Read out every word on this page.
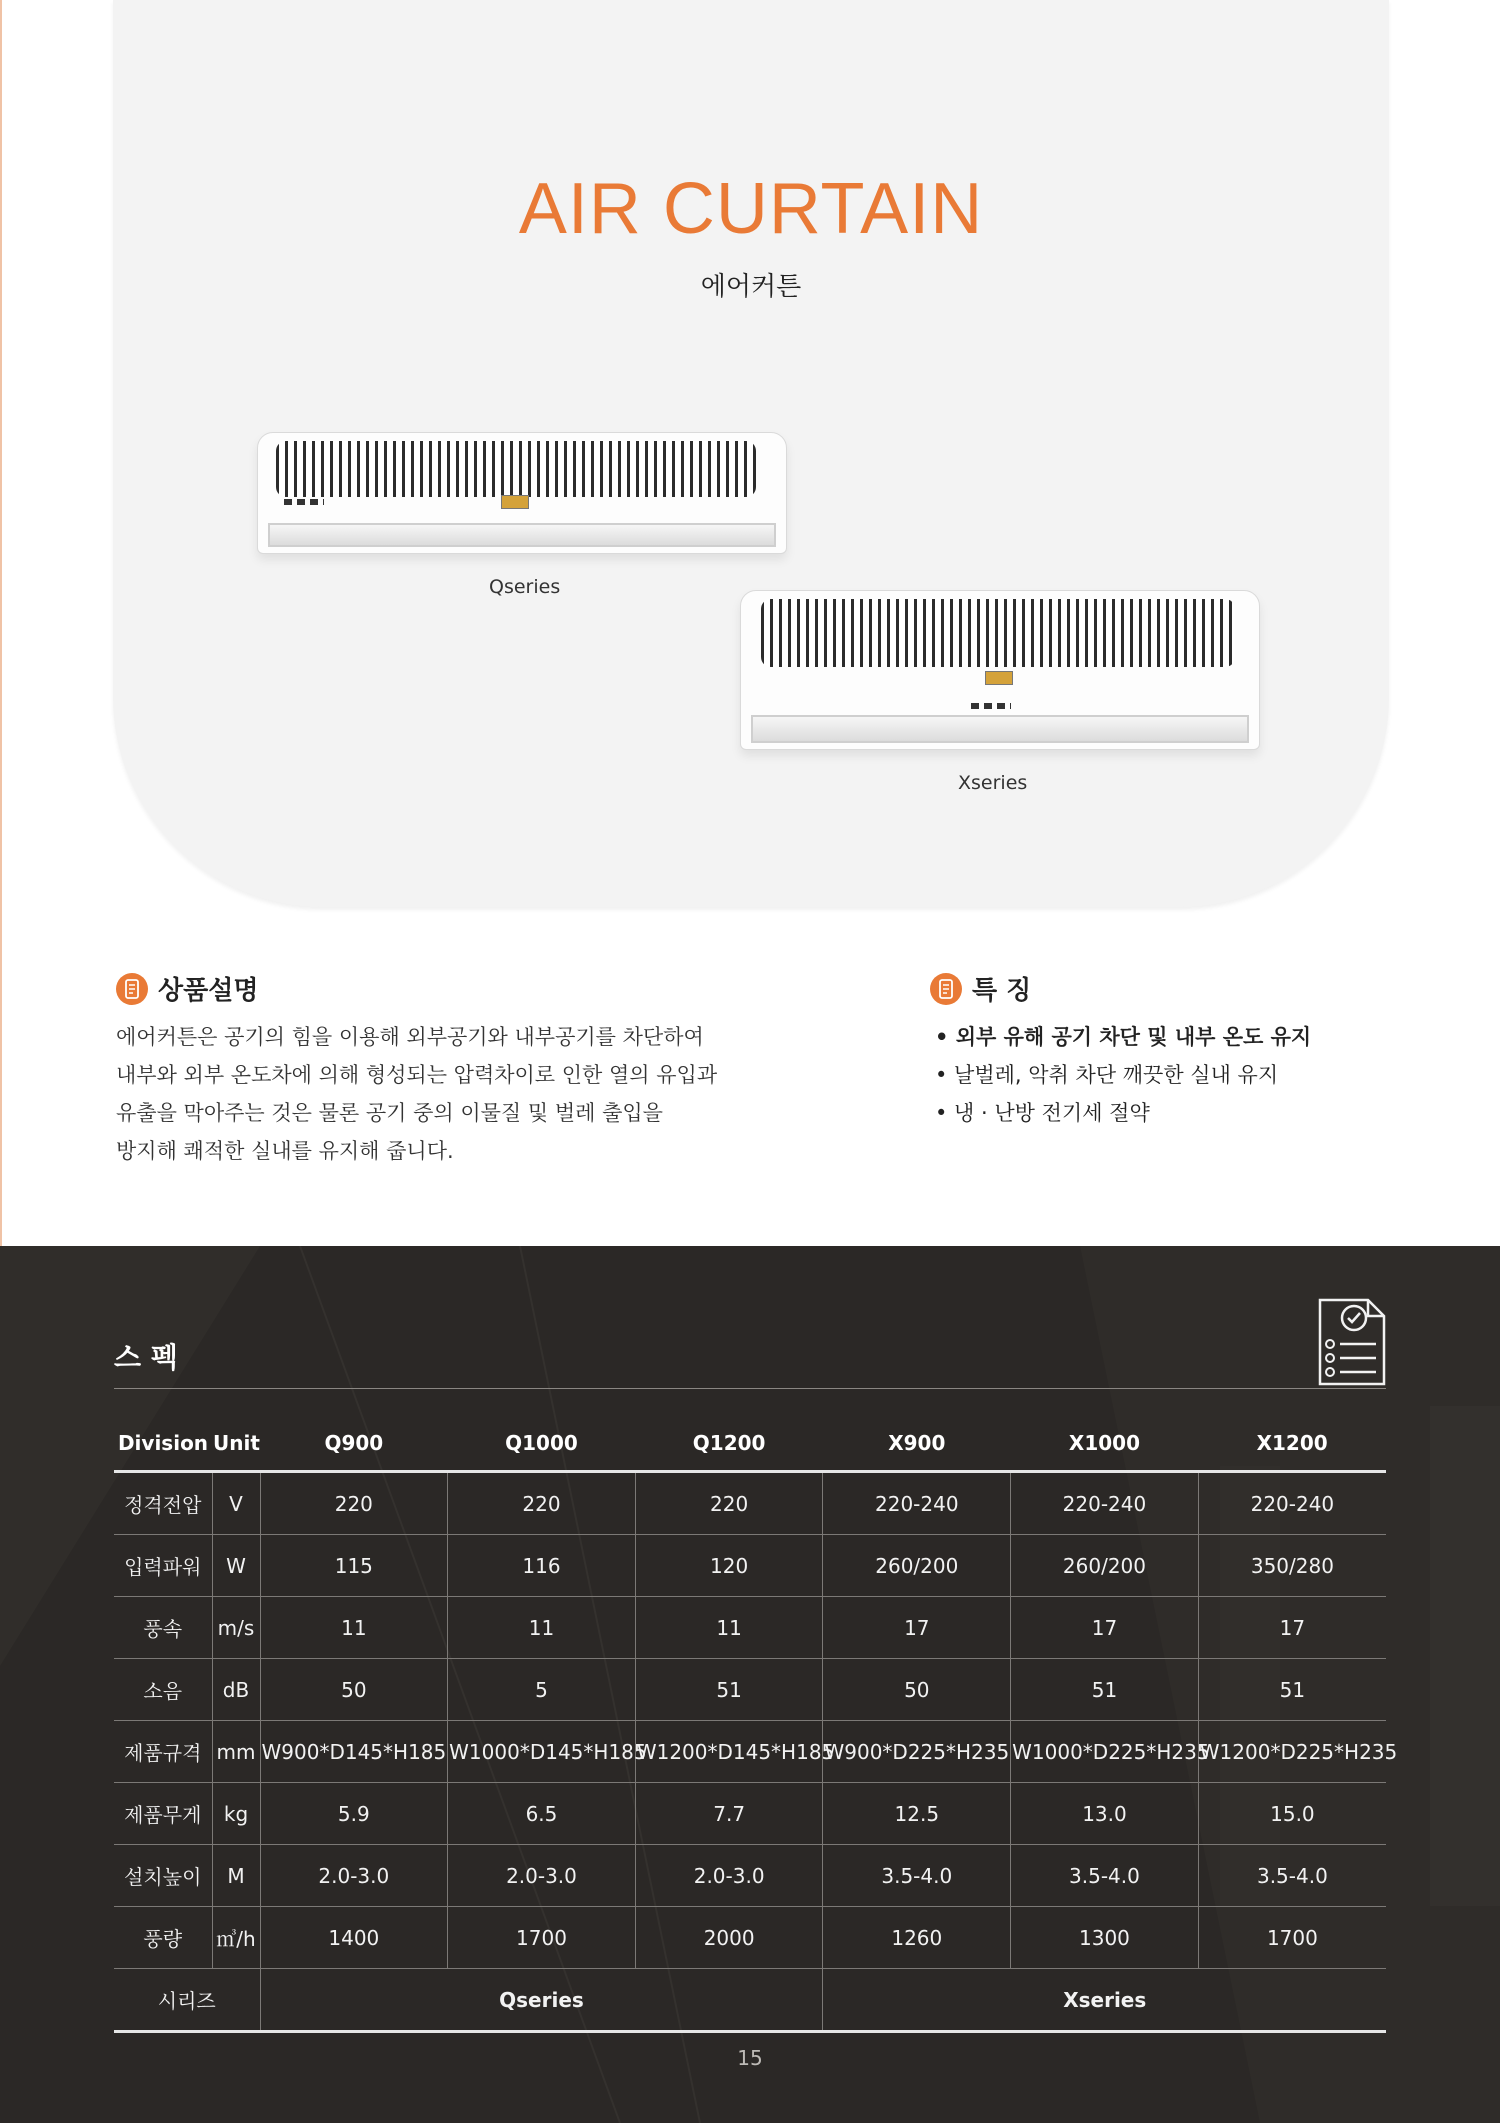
AIR CURTAIN
에어커튼
Qseries
Xseries
상품설명
에어커튼은 공기의 힘을 이용해 외부공기와 내부공기를 차단하여
내부와 외부 온도차에 의해 형성되는 압력차이로 인한 열의 유입과
유출을 막아주는 것은 물론 공기 중의 이물질 및 벌레 출입을
방지해 쾌적한 실내를 유지해 줍니다.
특 징
• 외부 유해 공기 차단 및 내부 온도 유지
• 날벌레, 악취 차단 깨끗한 실내 유지
• 냉 · 난방 전기세 절약
스 펙
Division	Unit	Q900	Q1000	Q1200	X900	X1000	X1200
정격전압	V	220	220	220	220-240	220-240	220-240
입력파워	W	115	116	120	260/200	260/200	350/280
풍속	m/s	11	11	11	17	17	17
소음	dB	50	5	51	50	51	51
제품규격	mm	W900*D145*H185	W1000*D145*H185	W1200*D145*H185	W900*D225*H235	W1000*D225*H235	W1200*D225*H235
제품무게	kg	5.9	6.5	7.7	12.5	13.0	15.0
설치높이	M	2.0-3.0	2.0-3.0	2.0-3.0	3.5-4.0	3.5-4.0	3.5-4.0
풍량	㎥/h	1400	1700	2000	1260	1300	1700
시리즈		Qseries			Xseries		
15
